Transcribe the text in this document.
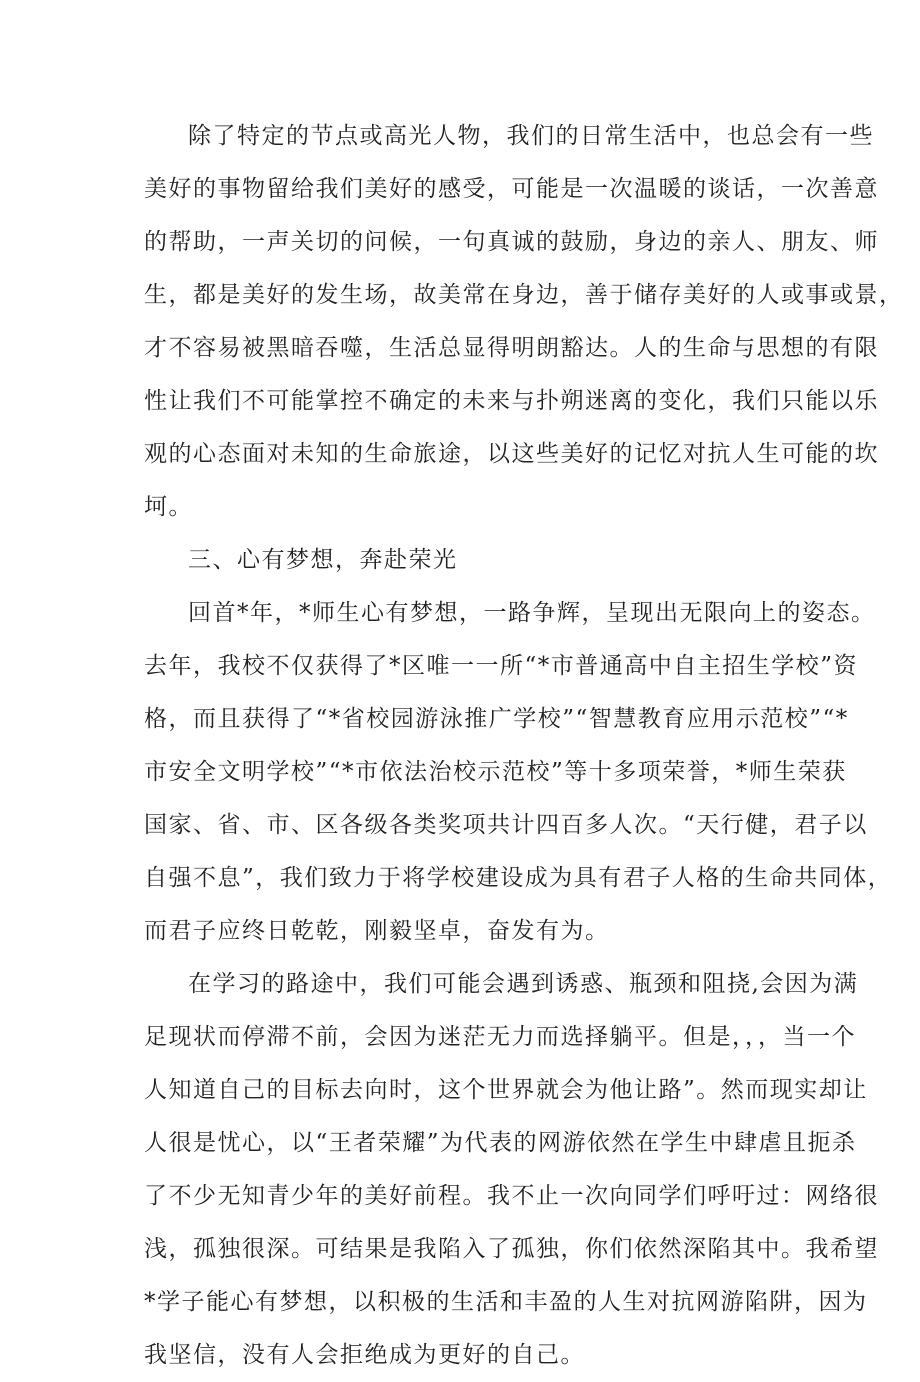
除了特定的节点或高光人物，我们的日常生活中，也总会有一些
美好的事物留给我们美好的感受，可能是一次温暖的谈话，一次善意
的帮助，一声关切的问候，一句真诚的鼓励，身边的亲人、朋友、师
生，都是美好的发生场，故美常在身边，善于储存美好的人或事或景，
才不容易被黑暗吞噬，生活总显得明朗豁达。人的生命与思想的有限
性让我们不可能掌控不确定的未来与扑朔迷离的变化，我们只能以乐
观的心态面对未知的生命旅途，以这些美好的记忆对抗人生可能的坎
坷。
三、心有梦想，奔赴荣光
回首*年，*师生心有梦想，一路争辉，呈现出无限向上的姿态。
去年，我校不仅获得了*区唯一一所“*市普通高中自主招生学校”资
格，而且获得了“*省校园游泳推广学校”“智慧教育应用示范校”“*
市安全文明学校”“*市依法治校示范校”等十多项荣誉，*师生荣获
国家、省、市、区各级各类奖项共计四百多人次。“天行健，君子以
自强不息”，我们致力于将学校建设成为具有君子人格的生命共同体，
而君子应终日乾乾，刚毅坚卓，奋发有为。
在学习的路途中，我们可能会遇到诱惑、瓶颈和阻挠,会因为满
足现状而停滞不前，会因为迷茫无力而选择躺平。但是，，，当一个
人知道自己的目标去向时，这个世界就会为他让路”。然而现实却让
人很是忧心，以“王者荣耀”为代表的网游依然在学生中肆虐且扼杀
了不少无知青少年的美好前程。我不止一次向同学们呼吁过：网络很
浅，孤独很深。可结果是我陷入了孤独，你们依然深陷其中。我希望
*学子能心有梦想，以积极的生活和丰盈的人生对抗网游陷阱，因为
我坚信，没有人会拒绝成为更好的自己。
